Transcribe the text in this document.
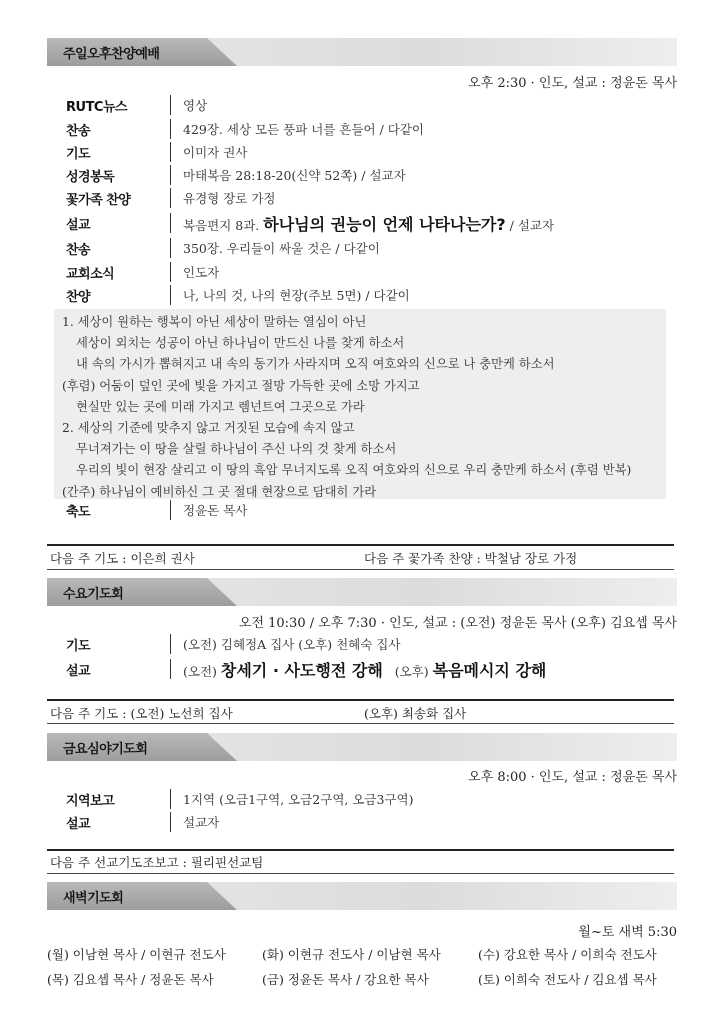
주일오후찬양예배
오후 2:30 · 인도, 설교 : 정윤돈 목사
RUTC뉴스	영상
찬송	429장. 세상 모든 풍파 너를 흔들어 / 다같이
기도	이미자 권사
성경봉독	마태복음 28:18-20(신약 52쪽) / 설교자
꽃가족 찬양	유경형 장로 가정
설교	복음편지 8과. 하나님의 권능이 언제 나타나는가? / 설교자
찬송	350장. 우리들이 싸울 것은 / 다같이
교회소식	인도자
찬양	나, 나의 것, 나의 현장(주보 5면) / 다같이
1. 세상이 원하는 행복이 아닌 세상이 말하는 열심이 아닌
세상이 외치는 성공이 아닌 하나님이 만드신 나를 찾게 하소서
내 속의 가시가 뽑혀지고 내 속의 동기가 사라지며 오직 여호와의 신으로 나 충만케 하소서
(후렴) 어둠이 덮인 곳에 빛을 가지고 절망 가득한 곳에 소망 가지고
현실만 있는 곳에 미래 가지고 렘넌트여 그곳으로 가라
2. 세상의 기준에 맞추지 않고 거짓된 모습에 속지 않고
무너져가는 이 땅을 살릴 하나님이 주신 나의 것 찾게 하소서
우리의 빛이 현장 살리고 이 땅의 흑암 무너지도록 오직 여호와의 신으로 우리 충만케 하소서 (후렴 반복)
(간주) 하나님이 예비하신 그 곳 절대 현장으로 담대히 가라
축도	정윤돈 목사
다음 주 기도 : 이은희 권사	다음 주 꽃가족 찬양 : 박철남 장로 가정
수요기도회
오전 10:30 / 오후 7:30 · 인도, 설교 : (오전) 정윤돈 목사 (오후) 김요셉 목사
기도	(오전) 김혜정A 집사 (오후) 천혜숙 집사
설교	(오전) 창세기 · 사도행전 강해 (오후) 복음메시지 강해
다음 주 기도 : (오전) 노선희 집사	(오후) 최송화 집사
금요심야기도회
오후 8:00 · 인도, 설교 : 정윤돈 목사
지역보고	1지역 (오금1구역, 오금2구역, 오금3구역)
설교	설교자
다음 주 선교기도조보고 : 필리핀선교팀
새벽기도회
월~토 새벽 5:30
(월) 이남현 목사 / 이현규 전도사	(화) 이현규 전도사 / 이남현 목사	(수) 강요한 목사 / 이희숙 전도사
(목) 김요셉 목사 / 정윤돈 목사	(금) 정윤돈 목사 / 강요한 목사	(토) 이희숙 전도사 / 김요셉 목사
